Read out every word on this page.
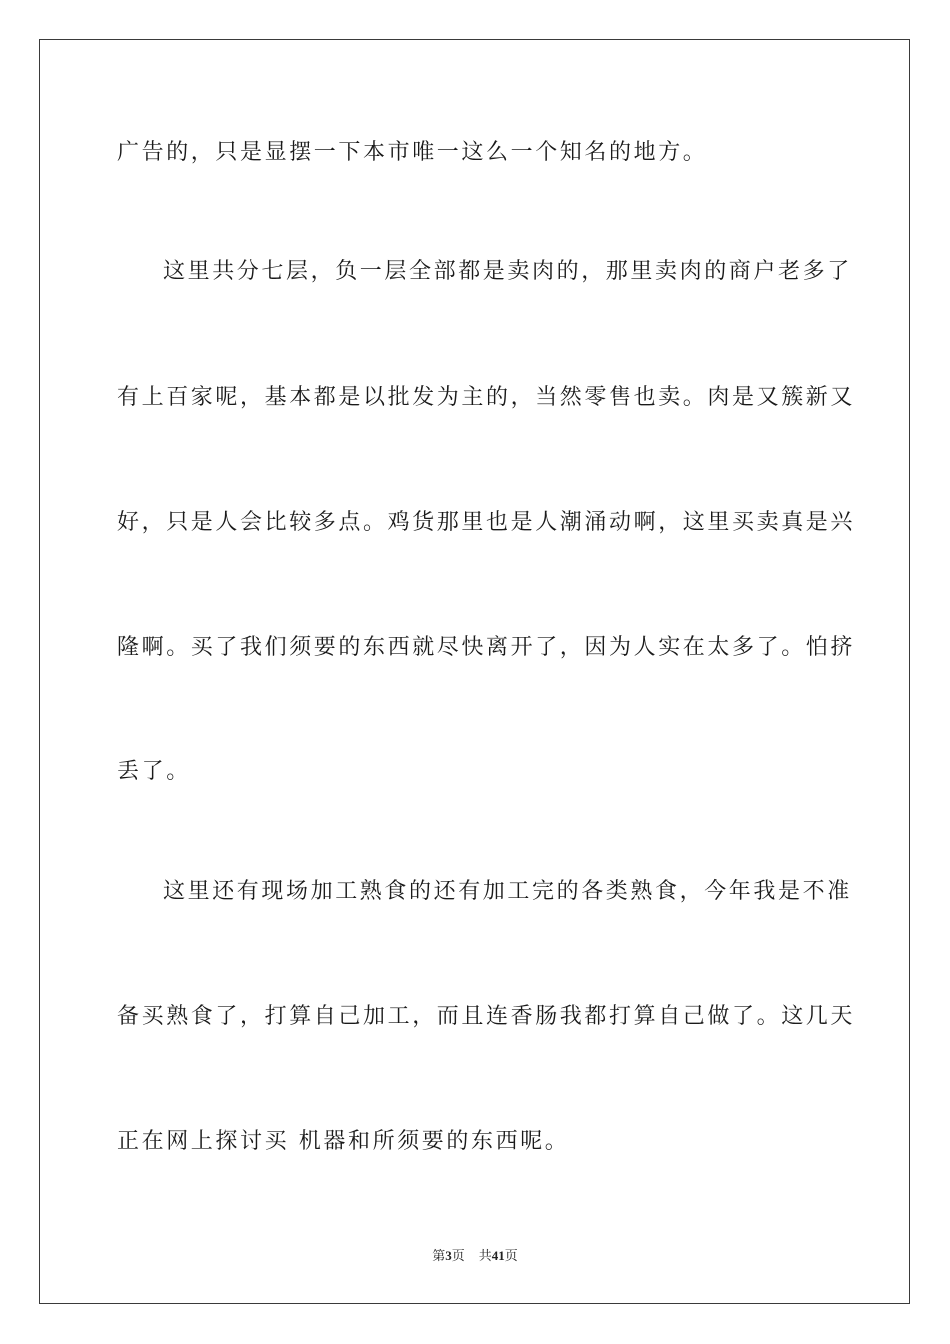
广告的，只是显摆一下本市唯一这么一个知名的地方。
这里共分七层，负一层全部都是卖肉的，那里卖肉的商户老多了
有上百家呢，基本都是以批发为主的，当然零售也卖。肉是又簇新又
好，只是人会比较多点。鸡货那里也是人潮涌动啊，这里买卖真是兴
隆啊。买了我们须要的东西就尽快离开了，因为人实在太多了。怕挤
丢了。
这里还有现场加工熟食的还有加工完的各类熟食，今年我是不准
备买熟食了，打算自己加工，而且连香肠我都打算自己做了。这几天
正在网上探讨买 机器和所须要的东西呢。
第3页 共41页
